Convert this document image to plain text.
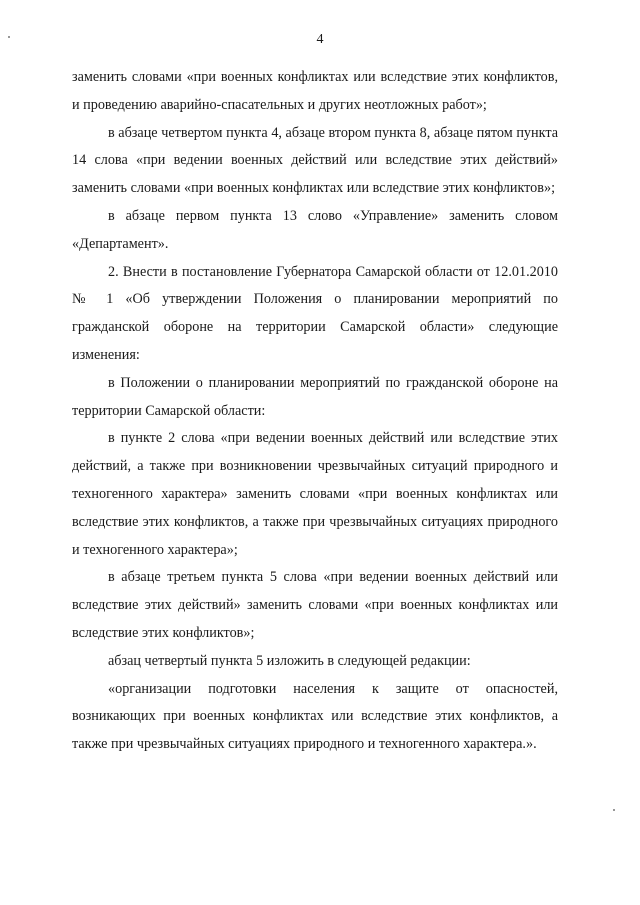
4

заменить словами «при военных конфликтах или вследствие этих конфликтов, и проведению аварийно-спасательных и других неотложных работ»;

в абзаце четвертом пункта 4, абзаце втором пункта 8, абзаце пятом пункта 14 слова «при ведении военных действий или вследствие этих действий» заменить словами «при военных конфликтах или вследствие этих конфликтов»;

в абзаце первом пункта 13 слово «Управление» заменить словом «Департамент».

2. Внести в постановление Губернатора Самарской области от 12.01.2010 № 1 «Об утверждении Положения о планировании мероприятий по гражданской обороне на территории Самарской области» следующие изменения:

в Положении о планировании мероприятий по гражданской обороне на территории Самарской области:

в пункте 2 слова «при ведении военных действий или вследствие этих действий, а также при возникновении чрезвычайных ситуаций природного и техногенного характера» заменить словами «при военных конфликтах или вследствие этих конфликтов, а также при чрезвычайных ситуациях природного и техногенного характера»;

в абзаце третьем пункта 5 слова «при ведении военных действий или вследствие этих действий» заменить словами «при военных конфликтах или вследствие этих конфликтов»;

абзац четвертый пункта 5 изложить в следующей редакции:

«организации подготовки населения к защите от опасностей, возникающих при военных конфликтах или вследствие этих конфликтов, а также при чрезвычайных ситуациях природного и техногенного характера.».
